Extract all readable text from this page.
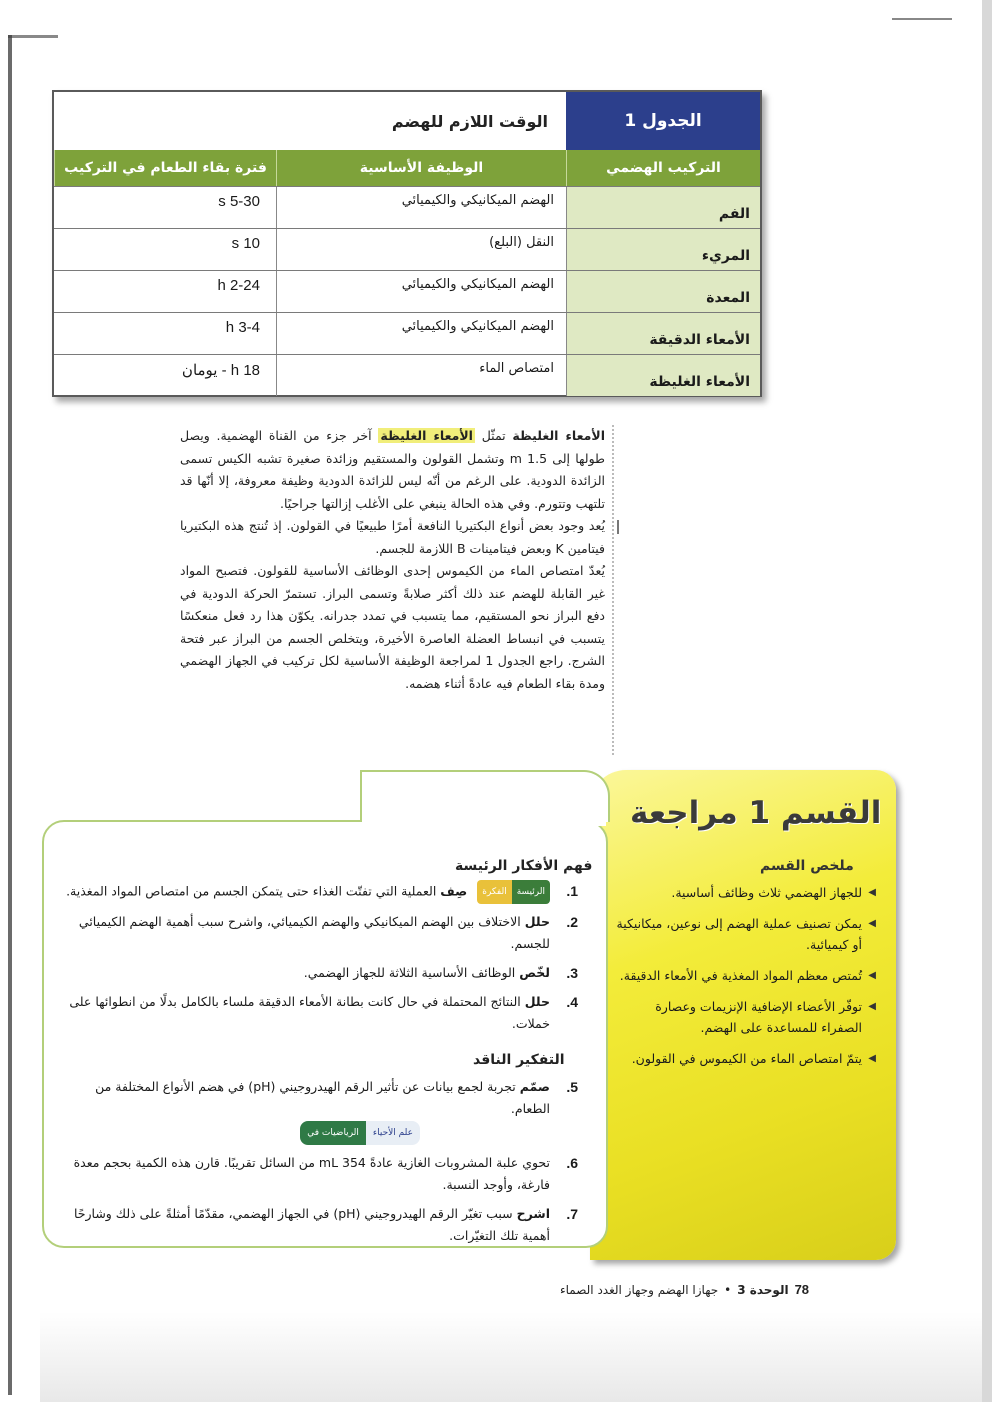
الجدول 1
الوقت اللازم للهضم
التركيب الهضمي
الوظيفة الأساسية
فترة بقاء الطعام في التركيب
الفم
الهضم الميكانيكي والكيميائي
5-30 s
المريء
النقل (البلع)
10 s
المعدة
الهضم الميكانيكي والكيميائي
2-24 h
الأمعاء الدقيقة
الهضم الميكانيكي والكيميائي
3-4 h
الأمعاء الغليظة
امتصاص الماء
18 h - يومان

الأمعاء الغليظة تمثّل الأمعاء الغليظة آخر جزء من القناة الهضمية. ويصل طولها إلى 1.5 m وتشمل القولون والمستقيم وزائدة صغيرة تشبه الكيس تسمى الزائدة الدودية. على الرغم من أنّه ليس للزائدة الدودية وظيفة معروفة، إلا أنّها قد تلتهب وتتورم. وفي هذه الحالة ينبغي على الأغلب إزالتها جراحيًا.

يُعد وجود بعض أنواع البكتيريا النافعة أمرًا طبيعيًا في القولون. إذ تُنتج هذه البكتيريا فيتامين K وبعض فيتامينات B اللازمة للجسم.

يُعدّ امتصاص الماء من الكيموس إحدى الوظائف الأساسية للقولون. فتصبح المواد غير القابلة للهضم عند ذلك أكثر صلابةً وتسمى البراز. تستمرّ الحركة الدودية في دفع البراز نحو المستقيم، مما يتسبب في تمدد جدرانه. يكوّن هذا رد فعل منعكسًا يتسبب في انبساط العضلة العاصرة الأخيرة، ويتخلص الجسم من البراز عبر فتحة الشرج. راجع الجدول 1 لمراجعة الوظيفة الأساسية لكل تركيب في الجهاز الهضمي ومدة بقاء الطعام فيه عادةً أثناء هضمه.

القسم 1 مراجعة
ملخص القسم
◀ للجهاز الهضمي ثلاث وظائف أساسية.
◀ يمكن تصنيف عملية الهضم إلى نوعين، ميكانيكية أو كيميائية.
◀ تُمتص معظم المواد المغذية في الأمعاء الدقيقة.
◀ توفّر الأعضاء الإضافية الإنزيمات وعصارة الصفراء للمساعدة على الهضم.
◀ يتمّ امتصاص الماء من الكيموس في القولون.
فهم الأفكار الرئيسة
1.
الرئيسة
الفكرة
صِف العملية التي تفتّت الغذاء حتى يتمكن الجسم من امتصاص المواد المغذية.
2.
حلل الاختلاف بين الهضم الميكانيكي والهضم الكيميائي، واشرح سبب أهمية الهضم الكيميائي للجسم.
3.
لخّص الوظائف الأساسية الثلاثة للجهاز الهضمي.
4.
حلل النتائج المحتملة في حال كانت بطانة الأمعاء الدقيقة ملساء بالكامل بدلًا من انطوائها على خملات.
التفكير الناقد
5.
صمّم تجربة لجمع بيانات عن تأثير الرقم الهيدروجيني (pH) في هضم الأنواع المختلفة من الطعام.

علم الأحياء
الرياضيات في
6.
تحوي علبة المشروبات الغازية عادةً 354 mL من السائل تقريبًا. قارن هذه الكمية بحجم معدة فارغة، وأوجد النسبة.
7.
اشرح سبب تغيّر الرقم الهيدروجيني (pH) في الجهاز الهضمي، مقدّمًا أمثلةً على ذلك وشارحًا أهمية تلك التغيّرات.
78
الوحدة 3
•
جهازا الهضم وجهاز الغدد الصماء
